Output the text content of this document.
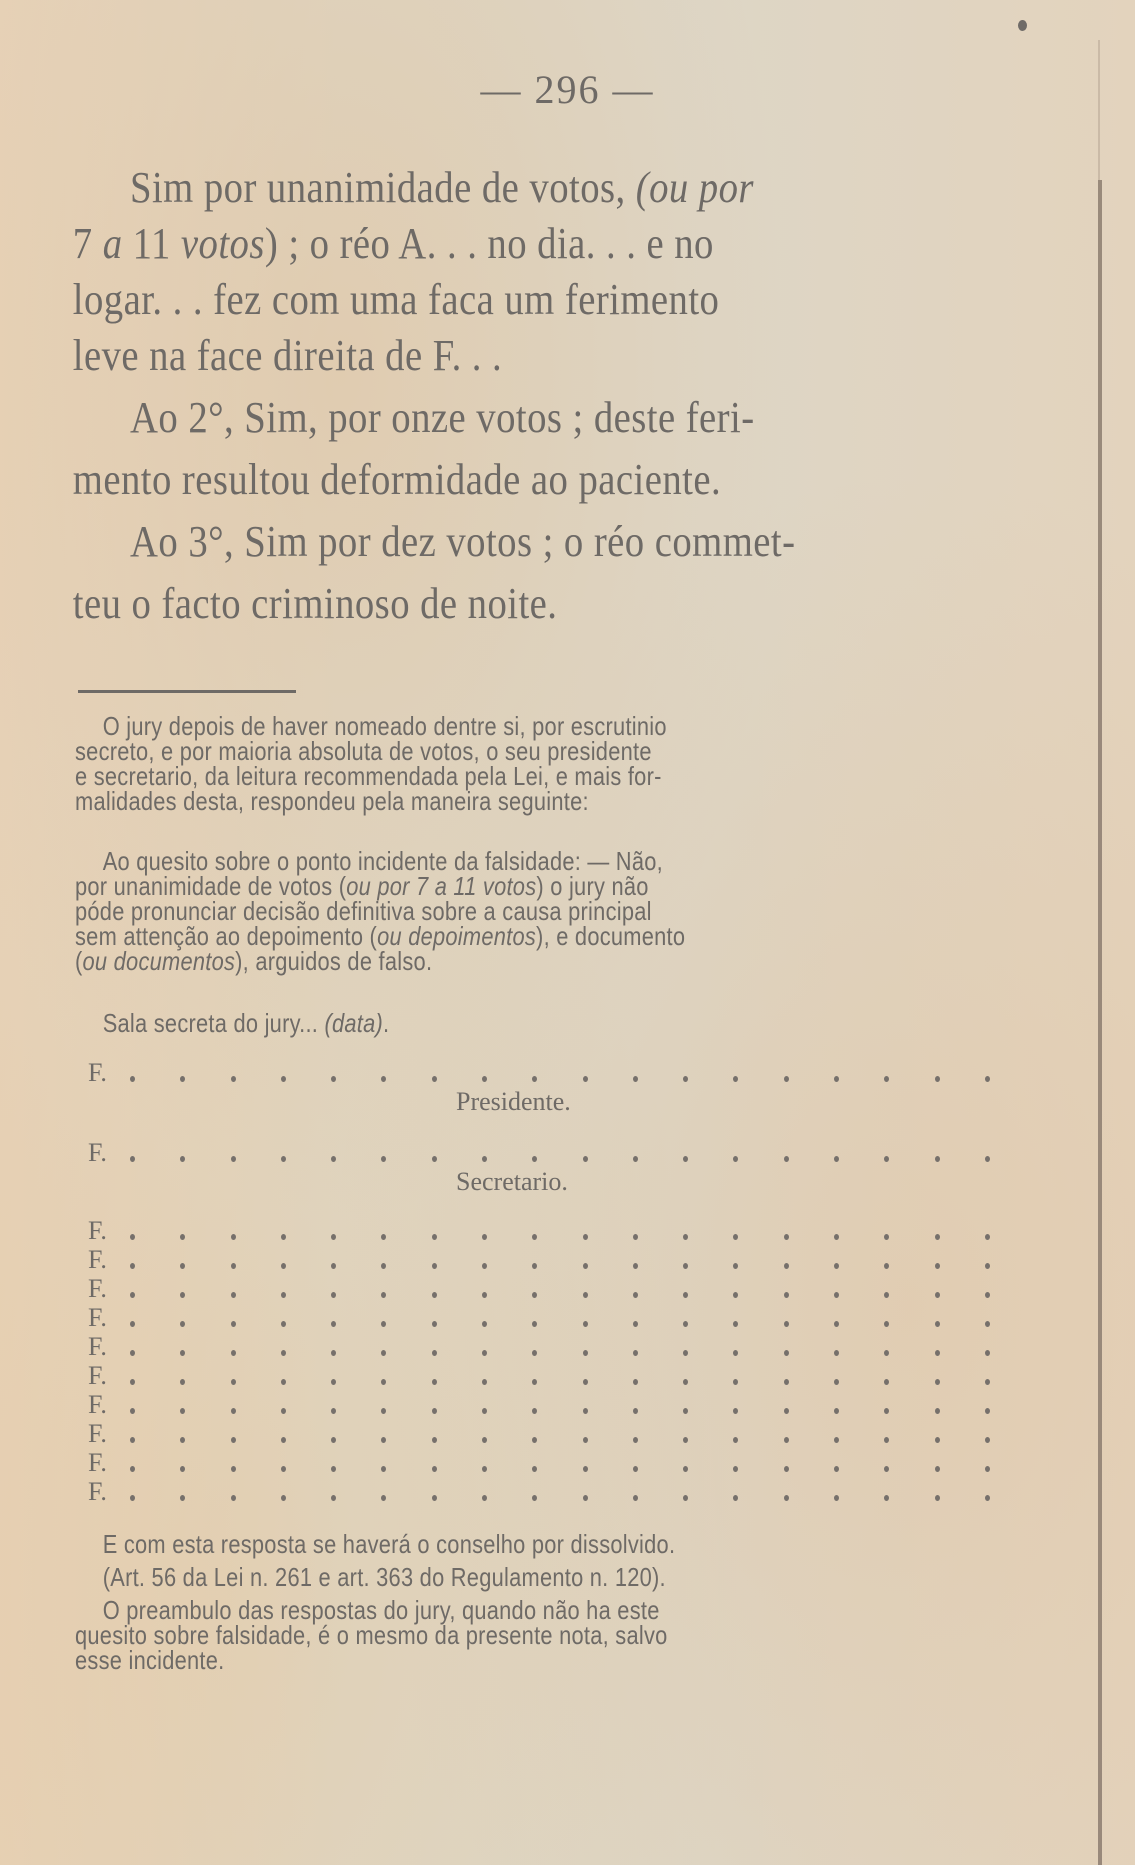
— 296 —
Sim por unanimidade de votos, (ou por
7 a 11 votos) ; o réo A. . . no dia. . . e no
logar. . . fez com uma faca um ferimento
leve na face direita de F. . .
Ao 2°, Sim, por onze votos ; deste feri-
mento resultou deformidade ao paciente.
Ao 3°, Sim por dez votos ; o réo commet-
teu o facto criminoso de noite.
O jury depois de haver nomeado dentre si, por escrutinio
secreto, e por maioria absoluta de votos, o seu presidente
e secretario, da leitura recommendada pela Lei, e mais for-
malidades desta, respondeu pela maneira seguinte:
Ao quesito sobre o ponto incidente da falsidade: — Não,
por unanimidade de votos (ou por 7 a 11 votos) o jury não
póde pronunciar decisão definitiva sobre a causa principal
sem attenção ao depoimento (ou depoimentos), e documento
(ou documentos), arguidos de falso.
Sala secreta do jury... (data).
F.
Presidente.
F.
Secretario.
F.
F.
F.
F.
F.
F.
F.
F.
F.
F.
E com esta resposta se haverá o conselho por dissolvido.
(Art. 56 da Lei n. 261 e art. 363 do Regulamento n. 120).
O preambulo das respostas do jury, quando não ha este
quesito sobre falsidade, é o mesmo da presente nota, salvo
esse incidente.
